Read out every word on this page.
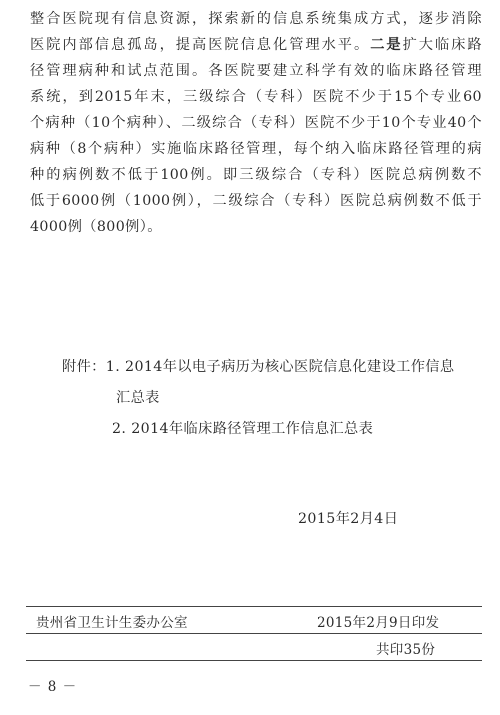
整合医院现有信息资源，探索新的信息系统集成方式，逐步消除
医院内部信息孤岛，提高医院信息化管理水平。二是扩大临床路
径管理病种和试点范围。各医院要建立科学有效的临床路径管理
系统，到2015年末，三级综合（专科）医院不少于15个专业60
个病种（10个病种）、二级综合（专科）医院不少于10个专业40个
病种（8个病种）实施临床路径管理，每个纳入临床路径管理的病
种的病例数不低于100例。即三级综合（专科）医院总病例数不
低于6000例（1000例），二级综合（专科）医院总病例数不低于
4000例（800例）。
附件：1. 2014年以电子病历为核心医院信息化建设工作信息
汇总表
2. 2014年临床路径管理工作信息汇总表
2015年2月4日
贵州省卫生计生委办公室	2015年2月9日印发
共印35份
－ 8 －
